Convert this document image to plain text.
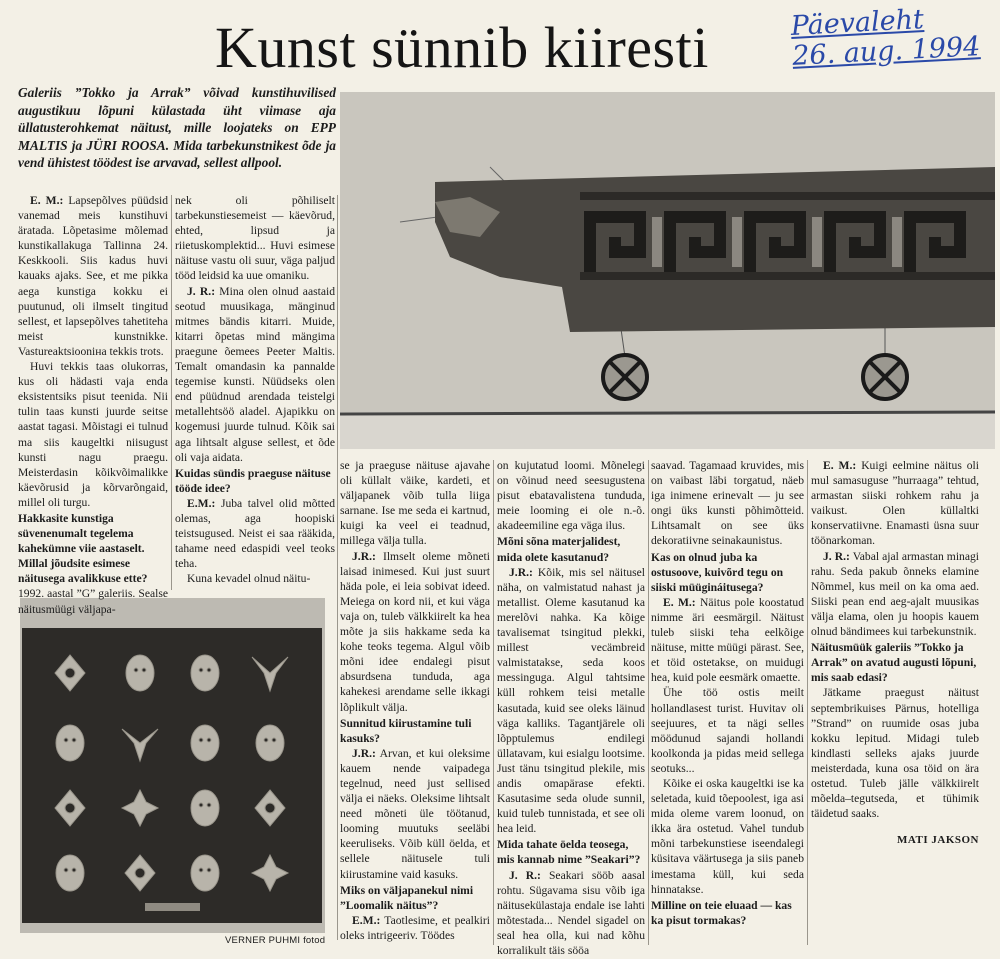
Kunst sünnib kiiresti	Päevaleht
26. aug. 1994
Galeriis ”Tokko ja Arrak” võivad kunstihuvilised augustikuu lõpuni külastada üht viimase aja üllatusterohkemat näitust, mille loojateks on EPP MALTIS ja JÜRI ROOSA. Mida tarbekunstnikest õde ja vend ühistest töödest ise arvavad, sellest allpool.
VERNER PUHMI fotod

E. M.: Lapsepõlves püüdsid vanemad meis kunstihuvi äratada. Lõpetasime mõlemad kunstikallakuga Tallinna 24. Keskkooli. Siis kadus huvi kauaks ajaks. See, et me pikka aega kunstiga kokku ei puutunud, oli ilmselt tingitud sellest, et lapsepõlves tahetiteha meist kunstnikke. Vastureaktsiooniна tekkis trots.

Huvi tekkis taas olukorras, kus oli hädasti vaja enda eksistentsiks pisut teenida. Nii tulin taas kunsti juurde seitse aastat tagasi. Mõistagi ei tulnud ma siis kaugeltki niisugust kunsti nagu praegu. Meisterdasin kõikvõimalikke käevõrusid ja kõrvarõngaid, millel oli turgu.

Hakkasite kunstiga süvenenumalt tegelema kahekümne viie aastaselt. Millal jõudsite esimese näitusega avalikkuse ette?

1992. aastal ”G” galeriis. Sealse näitusmüügi väljapa-

nek oli põhiliselt tarbekunstiesemeist — käevõrud, ehted, lipsud ja riietuskomplektid... Huvi esimese näituse vastu oli suur, väga paljud tööd leidsid ka uue omaniku.

J. R.: Mina olen olnud aastaid seotud muusikaga, mänginud mitmes bändis kitarri. Muide, kitarri õpetas mind mängima praegune õemees Peeter Maltis. Temalt omandasin ka pannalde tegemise kunsti. Nüüdseks olen end püüdnud arendada teistelgi metallehtsöö aladel. Ajapikku on kogemusi juurde tulnud. Kõik sai aga lihtsalt alguse sellest, et õde oli vaja aidata.

Kuidas sündis praeguse näituse tööde idee?

E.M.: Juba talvel olid mõtted olemas, aga hoopiski teistsugused. Neist ei saa rääkida, tahame need edaspidi veel teoks teha.

Kuna kevadel olnud näitu-

se ja praeguse näituse ajavahe oli küllalt väike, kardeti, et väljapanek võib tulla liiga sarnane. Ise me seda ei kartnud, kuigi ka veel ei teadnud, millega välja tulla.

J.R.: Ilmselt oleme mõneti laisad inimesed. Kui just suurt häda pole, ei leia sobivat ideed. Meiega on kord nii, et kui väga vaja on, tuleb välkkiirelt ka hea mõte ja siis hakkame seda ka kohe teoks tegema. Algul võib mõni idee endalegi pisut absurdsena tunduda, aga kahekesi arendame selle ikkagi lõplikult välja.

Sunnitud kiirustamine tuli kasuks?

J.R.: Arvan, et kui oleksime kauem nende vaipadega tegelnud, need just sellised välja ei näeks. Oleksime lihtsalt need mõneti üle töötanud, looming muutuks seeläbi keeruliseks. Võib küll öelda, et sellele näitusele tuli kiirustamine vaid kasuks.

Miks on väljapanekul nimi ”Loomalik näitus”?

E.M.: Taotlesime, et pealkiri oleks intrigeeriv. Töödes

on kujutatud loomi. Mõnelegi on võinud need seesugustena pisut ebatavalistena tunduda, meie looming ei ole n.-õ. akadeemiline ega väga ilus.

Mõni sõna materjalidest, mida olete kasutanud?

J.R.: Kõik, mis sel näitusel näha, on valmistatud nahast ja metallist. Oleme kasutanud ka merelõvi nahka. Ka kõige tavalisemat tsingitud plekki, millest vecämbreid valmistatakse, seda koos messinguga. Algul tahtsime küll rohkem teisi metalle kasutada, kuid see oleks läinud väga kalliks. Tagantjärele oli lõpptulemus endilegi üllatavam, kui esialgu lootsime. Just tänu tsingitud plekile, mis andis omapärase efekti. Kasutasime seda olude sunnil, kuid tuleb tunnistada, et see oli hea leid.

Mida tahate öelda teosega, mis kannab nime ”Seakari”?

J. R.: Seakari sööb aasal rohtu. Sügavama sisu võib iga näitusekülastaja endale ise lahti mõtestada... Nendel sigadel on seal hea olla, kui nad kõhu korralikult täis sööa

saavad. Tagamaad kruvides, mis on vaibast läbi torgatud, näeb iga inimene erinevalt — ju see ongi üks kunsti põhimõtteid. Lihtsamalt on see üks dekoratiivne seinakaunistus.

Kas on olnud juba ka ostusoove, kuivõrd tegu on siiski müügináitusega?

E. M.: Näitus pole koostatud nimme äri eesmärgil. Näitust tuleb siiski teha eelkõige näituse, mitte müügi pärast. See, et töid ostetakse, on muidugi hea, kuid pole eesmärk omaette.

Ühe töö ostis meilt hollandlasest turist. Huvitav oli seejuures, et ta nägi selles möödunud sajandi hollandi koolkonda ja pidas meid sellega seotuks...

Kõike ei oska kaugeltki ise ka seletada, kuid tõepoolest, iga asi mida oleme varem loonud, on ikka ära ostetud. Vahel tundub mõni tarbekunstiese iseendalegi küsitava väärtusega ja siis paneb imestama küll, kui seda hinnatakse.

Milline on teie eluaad — kas ka pisut tormakas?

E. M.: Kuigi eelmine näitus oli mul samasuguse ”hurraaga” tehtud, armastan siiski rohkem rahu ja vaikust. Olen küllaltki konservatiivne. Enamasti üsna suur töönarkoman.

J. R.: Vabal ajal armastan minagi rahu. Seda pakub õnneks elamine Nõmmel, kus meil on ka oma aed. Siiski pean end aeg-ajalt muusikas välja elama, olen ju hoopis kauem olnud bändimees kui tarbekunstnik.

Näitusmüük galeriis ”Tokko ja Arrak” on avatud augusti lõpuni, mis saab edasi?

Jätkame praegust näitust septembrikuises Pärnus, hotelliga ”Strand” on ruumide osas juba kokku lepitud. Midagi tuleb kindlasti selleks ajaks juurde meisterdada, kuna osa töid on ära ostetud. Tuleb jälle välkkiirelt mõelda–tegutseda, et tühimik täidetud saaks.

MATI JAKSON
